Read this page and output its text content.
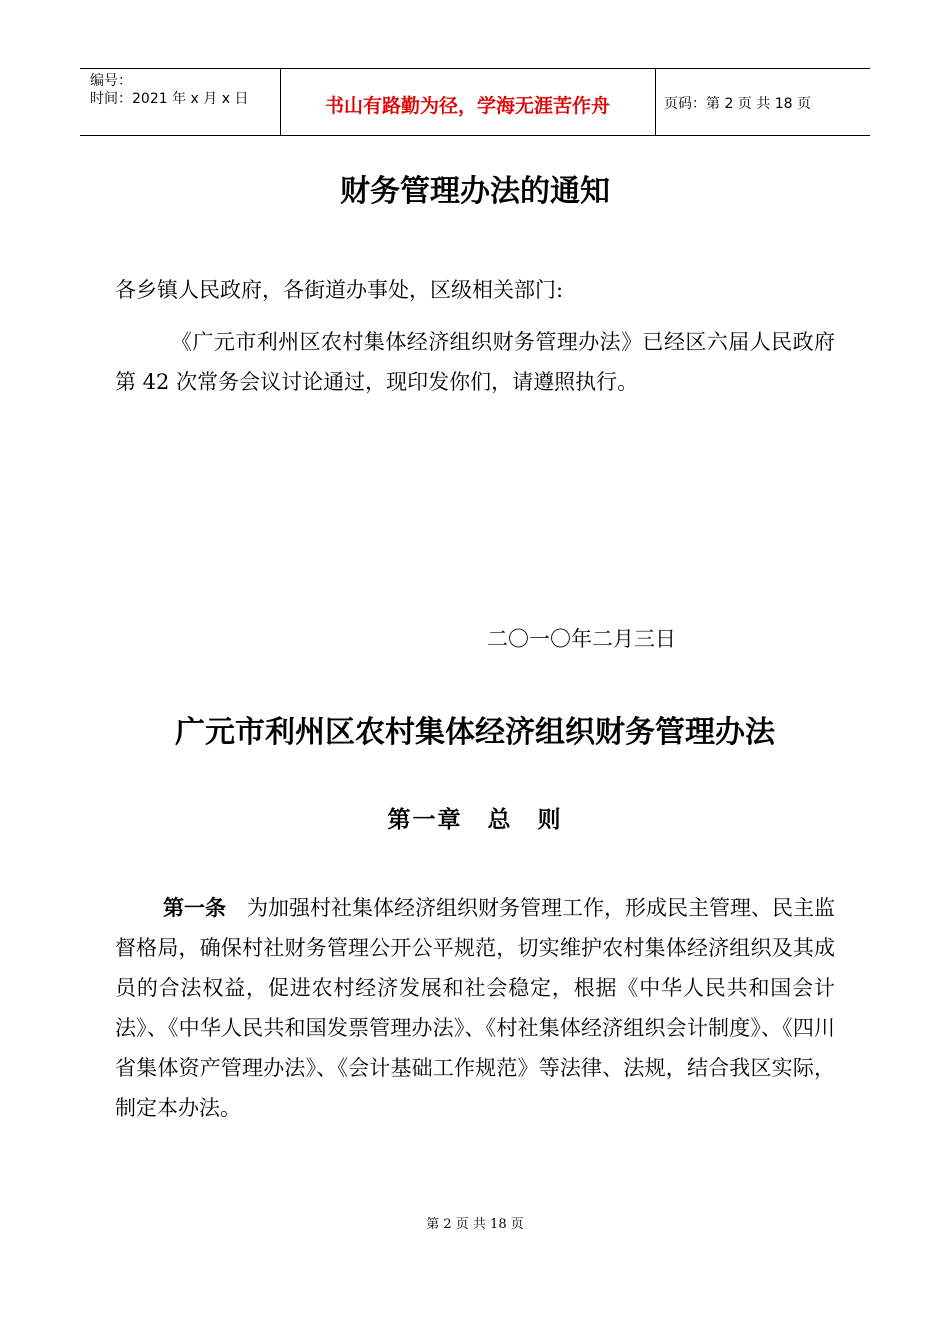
编号：
时间：2021 年 x 月 x 日	书山有路勤为径，学海无涯苦作舟	页码：第 2 页 共 18 页
财务管理办法的通知
各乡镇人民政府，各街道办事处，区级相关部门:
《广元市利州区农村集体经济组织财务管理办法》已经区六届人民政府第 42 次常务会议讨论通过，现印发你们，请遵照执行。
二〇一〇年二月三日
广元市利州区农村集体经济组织财务管理办法
第一章　总　则
第一条　为加强村社集体经济组织财务管理工作，形成民主管理、民主监督格局，确保村社财务管理公开公平规范，切实维护农村集体经济组织及其成员的合法权益，促进农村经济发展和社会稳定，根据《中华人民共和国会计法》、《中华人民共和国发票管理办法》、《村社集体经济组织会计制度》、《四川省集体资产管理办法》、《会计基础工作规范》等法律、法规，结合我区实际，制定本办法。
第 2 页 共 18 页
